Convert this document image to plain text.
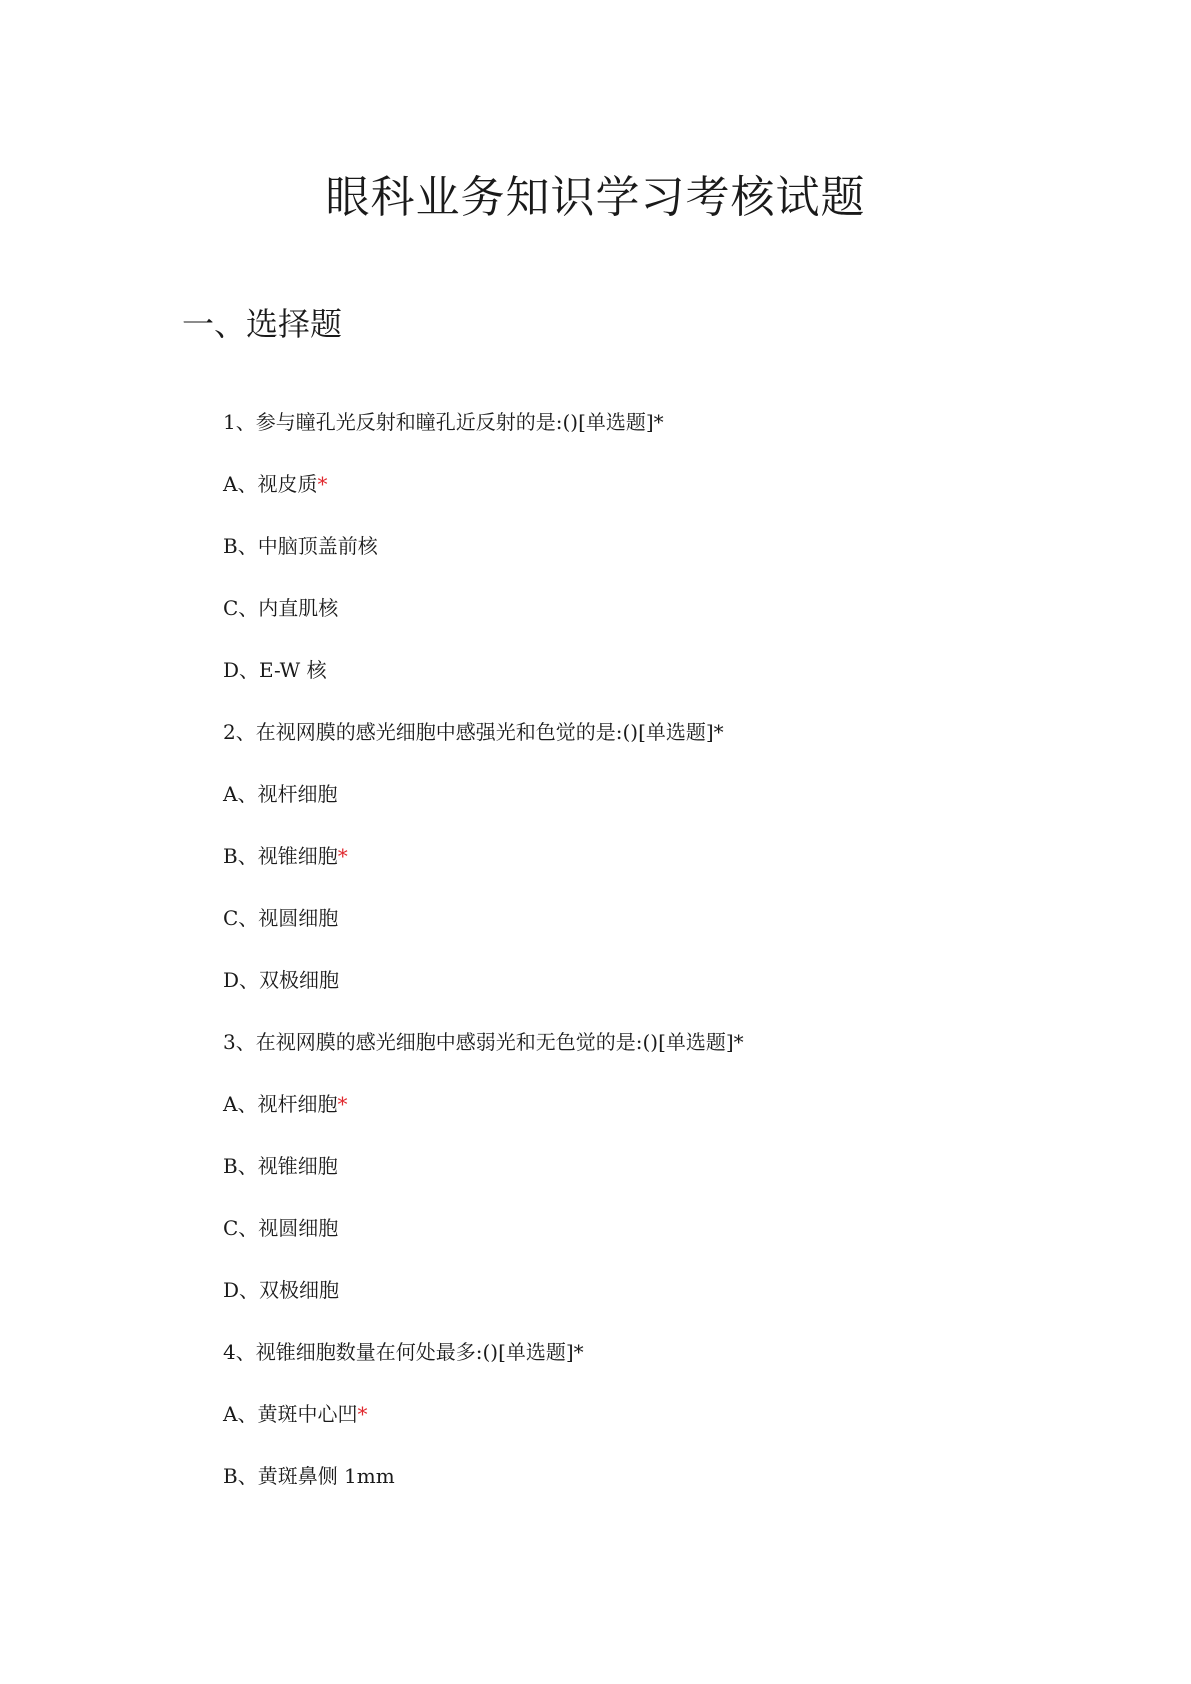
眼科业务知识学习考核试题
一、选择题
1、参与瞳孔光反射和瞳孔近反射的是:()[单选题]*
A、视皮质*
B、中脑顶盖前核
C、内直肌核
D、E-W 核
2、在视网膜的感光细胞中感强光和色觉的是:()[单选题]*
A、视杆细胞
B、视锥细胞*
C、视圆细胞
D、双极细胞
3、在视网膜的感光细胞中感弱光和无色觉的是:()[单选题]*
A、视杆细胞*
B、视锥细胞
C、视圆细胞
D、双极细胞
4、视锥细胞数量在何处最多:()[单选题]*
A、黄斑中心凹*
B、黄斑鼻侧 1mm
